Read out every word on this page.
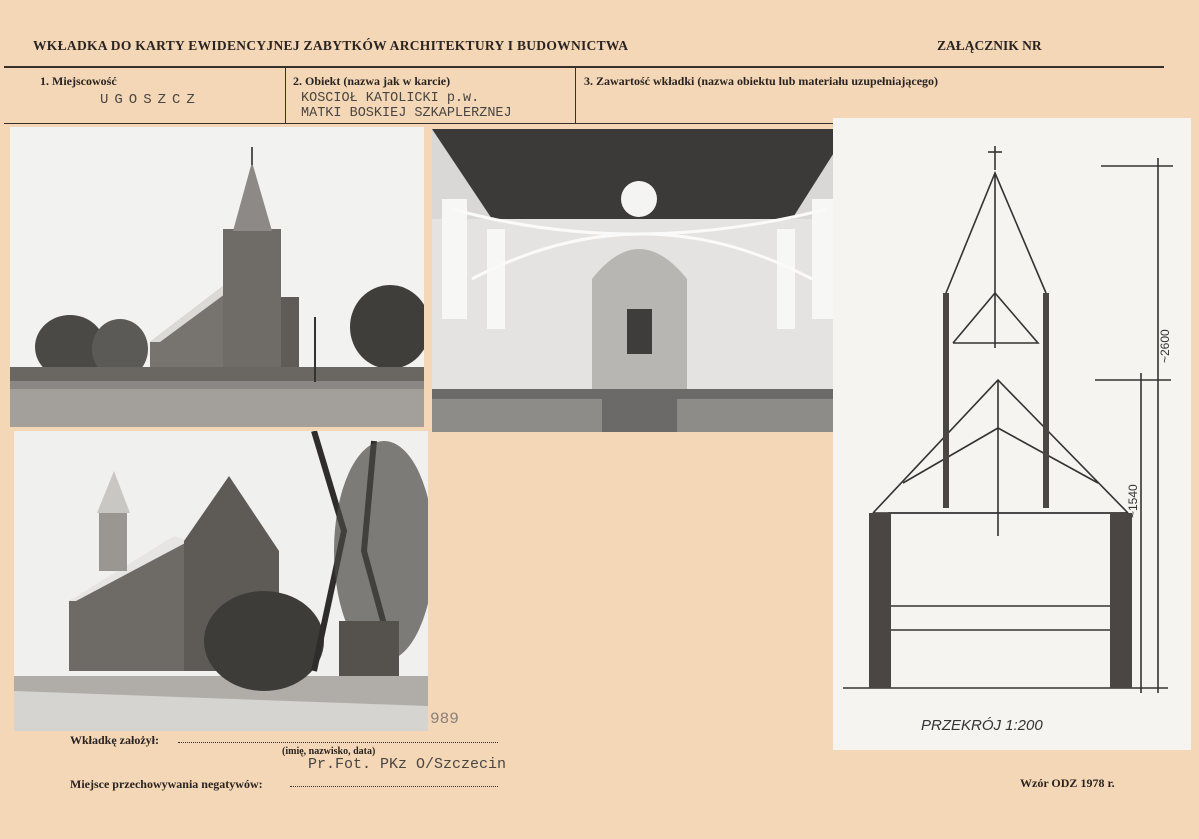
WKŁADKA DO KARTY EWIDENCYJNEJ ZABYTKÓW ARCHITEKTURY I BUDOWNICTWA	ZAŁĄCZNIK NR
1. Miejscowość
UGOSZCZ
2. Obiekt (nazwa jak w karcie)
KOSCIOŁ KATOLICKI p.w.
MATKI BOSKIEJ SZKAPLERZNEJ
3. Zawartość wkładki (nazwa obiektu lub materiału uzupełniającego)
~2600
~1540
PRZEKRÓJ 1:200
989
Wkładkę założył:
(imię, nazwisko, data)
Pr.Fot. PKz O/Szczecin
Miejsce przechowywania negatywów:	Wzór ODZ 1978 r.
